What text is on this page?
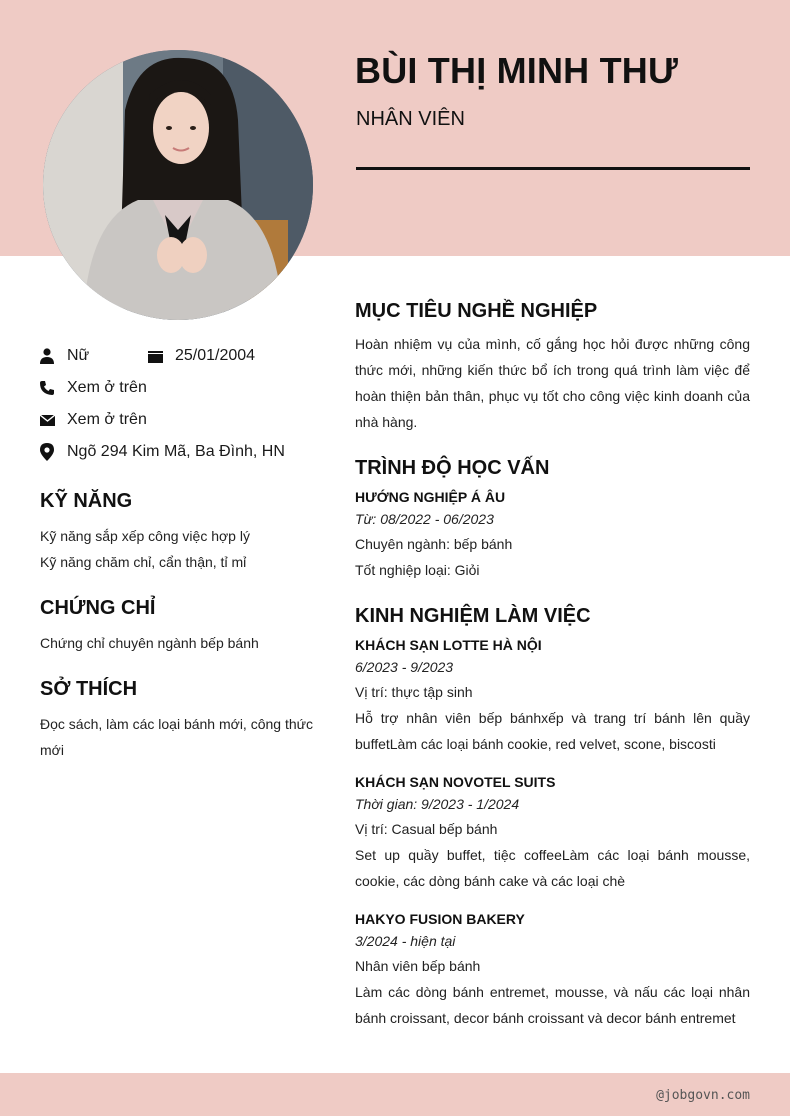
BÙI THỊ MINH THƯ
NHÂN VIÊN
Nữ	25/01/2004
Xem ở trên
Xem ở trên
Ngõ 294 Kim Mã, Ba Đình, HN
KỸ NĂNG
Kỹ năng sắp xếp công việc hợp lý
Kỹ năng chăm chỉ, cẩn thận, tỉ mỉ
CHỨNG CHỈ
Chứng chỉ chuyên ngành bếp bánh
SỞ THÍCH
Đọc sách, làm các loại bánh mới, công thức mới
MỤC TIÊU NGHỀ NGHIỆP
Hoàn nhiệm vụ của mình, cố gắng học hỏi được những công thức mới, những kiến thức bổ ích trong quá trình làm việc để hoàn thiện bản thân, phục vụ tốt cho công việc kinh doanh của nhà hàng.
TRÌNH ĐỘ HỌC VẤN
HƯỚNG NGHIỆP Á ÂU
Từ: 08/2022 - 06/2023
Chuyên ngành: bếp bánh
Tốt nghiệp loại: Giỏi
KINH NGHIỆM LÀM VIỆC
KHÁCH SẠN LOTTE HÀ NỘI
6/2023 - 9/2023
Vị trí: thực tập sinh
Hỗ trợ nhân viên bếp bánhxếp và trang trí bánh lên quầy buffetLàm các loại bánh cookie, red velvet, scone, biscosti
KHÁCH SẠN NOVOTEL SUITS
Thời gian: 9/2023 - 1/2024
Vị trí: Casual bếp bánh
Set up quầy buffet, tiệc coffeeLàm các loại bánh mousse, cookie, các dòng bánh cake và các loại chè
HAKYO FUSION BAKERY
3/2024 - hiện tại
Nhân viên bếp bánh
Làm các dòng bánh entremet, mousse, và nấu các loại nhân bánh croissant, decor bánh croissant và decor bánh entremet
@jobgovn.com
